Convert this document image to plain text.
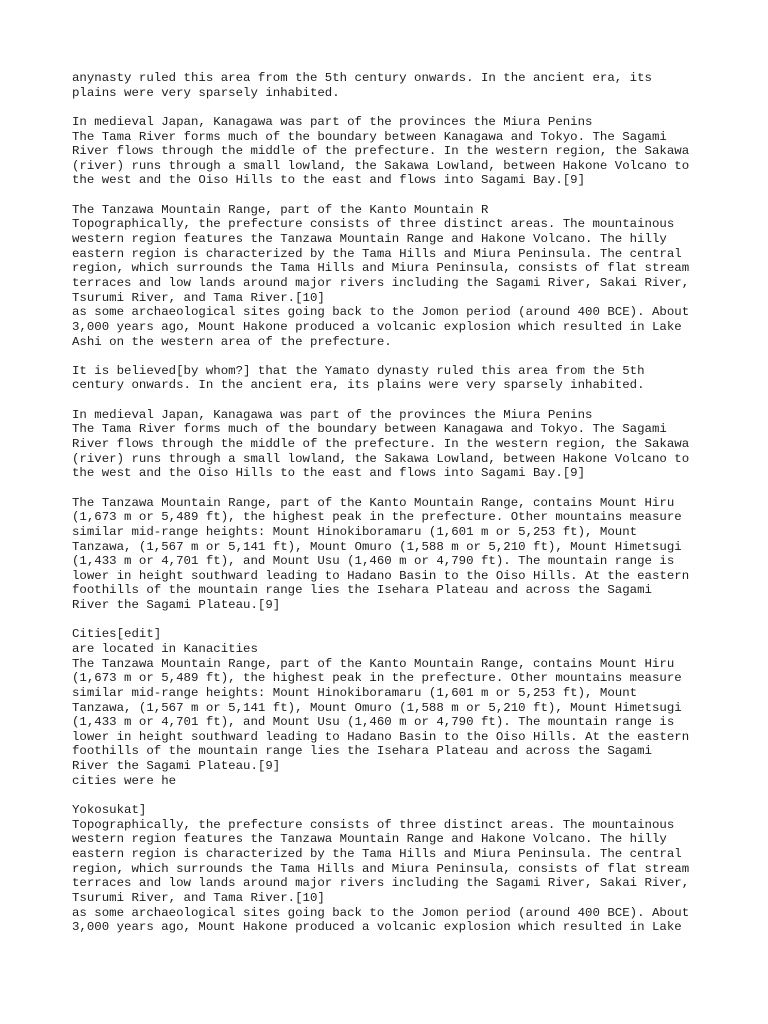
anynasty ruled this area from the 5th century onwards. In the ancient era, its
plains were very sparsely inhabited.
In medieval Japan, Kanagawa was part of the provinces the Miura Penins
The Tama River forms much of the boundary between Kanagawa and Tokyo. The Sagami
River flows through the middle of the prefecture. In the western region, the Sakawa
(river) runs through a small lowland, the Sakawa Lowland, between Hakone Volcano to
the west and the Oiso Hills to the east and flows into Sagami Bay.[9]
The Tanzawa Mountain Range, part of the Kanto Mountain R
Topographically, the prefecture consists of three distinct areas. The mountainous
western region features the Tanzawa Mountain Range and Hakone Volcano. The hilly
eastern region is characterized by the Tama Hills and Miura Peninsula. The central
region, which surrounds the Tama Hills and Miura Peninsula, consists of flat stream
terraces and low lands around major rivers including the Sagami River, Sakai River,
Tsurumi River, and Tama River.[10]
as some archaeological sites going back to the Jomon period (around 400 BCE). About
3,000 years ago, Mount Hakone produced a volcanic explosion which resulted in Lake
Ashi on the western area of the prefecture.
It is believed[by whom?] that the Yamato dynasty ruled this area from the 5th
century onwards. In the ancient era, its plains were very sparsely inhabited.
In medieval Japan, Kanagawa was part of the provinces the Miura Penins
The Tama River forms much of the boundary between Kanagawa and Tokyo. The Sagami
River flows through the middle of the prefecture. In the western region, the Sakawa
(river) runs through a small lowland, the Sakawa Lowland, between Hakone Volcano to
the west and the Oiso Hills to the east and flows into Sagami Bay.[9]
The Tanzawa Mountain Range, part of the Kanto Mountain Range, contains Mount Hiru
(1,673 m or 5,489 ft), the highest peak in the prefecture. Other mountains measure
similar mid-range heights: Mount Hinokiboramaru (1,601 m or 5,253 ft), Mount
Tanzawa, (1,567 m or 5,141 ft), Mount Omuro (1,588 m or 5,210 ft), Mount Himetsugi
(1,433 m or 4,701 ft), and Mount Usu (1,460 m or 4,790 ft). The mountain range is
lower in height southward leading to Hadano Basin to the Oiso Hills. At the eastern
foothills of the mountain range lies the Isehara Plateau and across the Sagami
River the Sagami Plateau.[9]
Cities[edit]
are located in Kanacities
The Tanzawa Mountain Range, part of the Kanto Mountain Range, contains Mount Hiru
(1,673 m or 5,489 ft), the highest peak in the prefecture. Other mountains measure
similar mid-range heights: Mount Hinokiboramaru (1,601 m or 5,253 ft), Mount
Tanzawa, (1,567 m or 5,141 ft), Mount Omuro (1,588 m or 5,210 ft), Mount Himetsugi
(1,433 m or 4,701 ft), and Mount Usu (1,460 m or 4,790 ft). The mountain range is
lower in height southward leading to Hadano Basin to the Oiso Hills. At the eastern
foothills of the mountain range lies the Isehara Plateau and across the Sagami
River the Sagami Plateau.[9]
cities were he
Yokosukat]
Topographically, the prefecture consists of three distinct areas. The mountainous
western region features the Tanzawa Mountain Range and Hakone Volcano. The hilly
eastern region is characterized by the Tama Hills and Miura Peninsula. The central
region, which surrounds the Tama Hills and Miura Peninsula, consists of flat stream
terraces and low lands around major rivers including the Sagami River, Sakai River,
Tsurumi River, and Tama River.[10]
as some archaeological sites going back to the Jomon period (around 400 BCE). About
3,000 years ago, Mount Hakone produced a volcanic explosion which resulted in Lake
